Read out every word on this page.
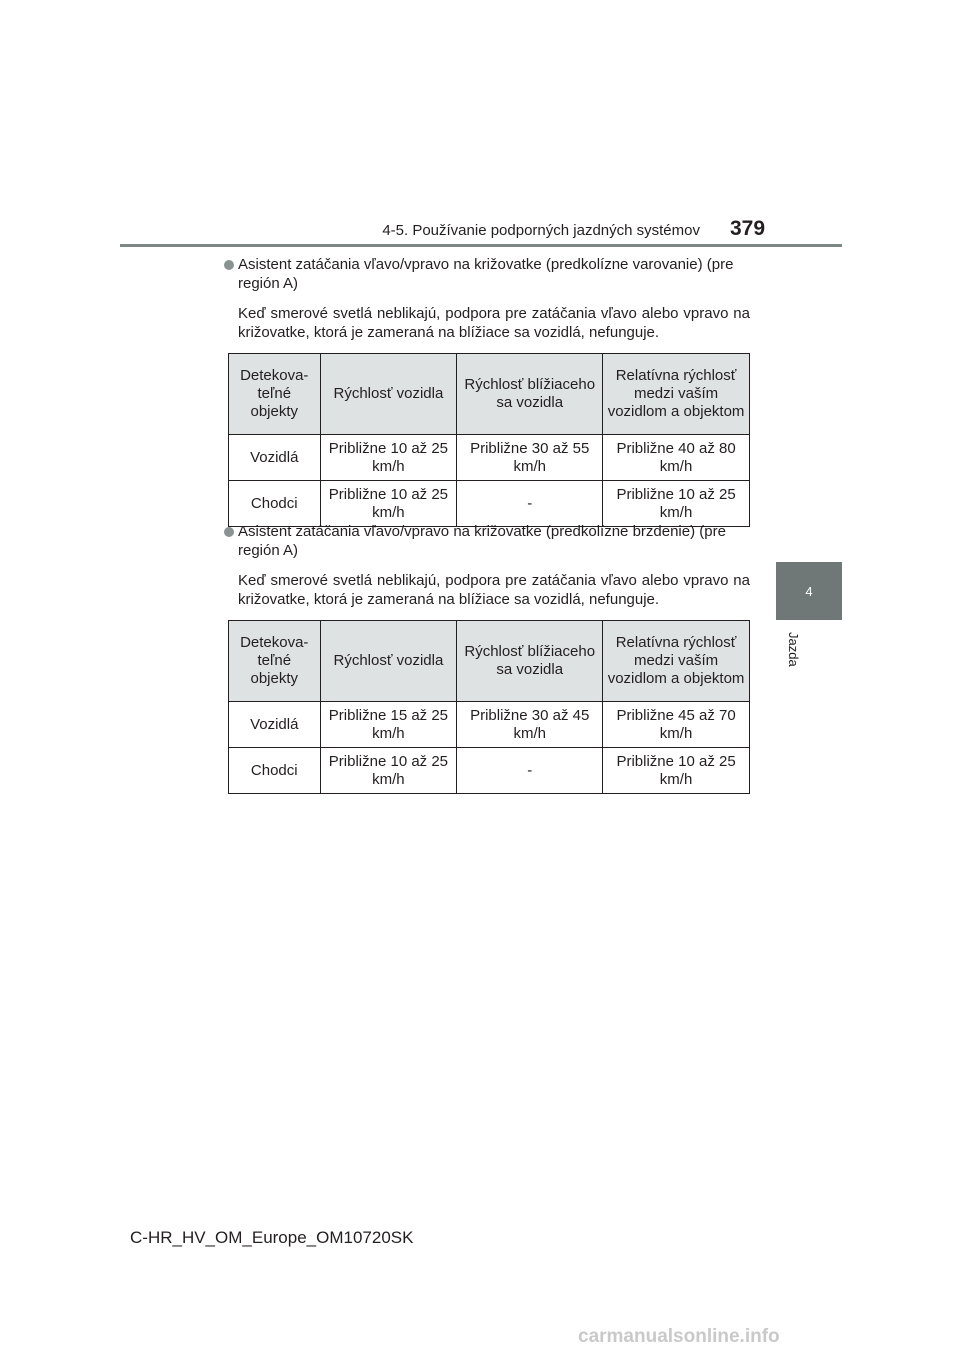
4-5. Používanie podporných jazdných systémov 379
4
Jazda
Asistent zatáčania vľavo/vpravo na križovatke (predkolízne varovanie) (pre región A)
Keď smerové svetlá neblikajú, podpora pre zatáčania vľavo alebo vpravo na križovatke, ktorá je zameraná na blížiace sa vozidlá, nefunguje.
Detekova-teľné objekty	Rýchlosť vozidla	Rýchlosť blížiaceho sa vozidla	Relatívna rýchlosť medzi vaším vozidlom a objektom
Vozidlá	Približne 10 až 25 km/h	Približne 30 až 55 km/h	Približne 40 až 80 km/h
Chodci	Približne 10 až 25 km/h	-	Približne 10 až 25 km/h
Asistent zatáčania vľavo/vpravo na križovatke (predkolízne brzdenie) (pre región A)
Keď smerové svetlá neblikajú, podpora pre zatáčania vľavo alebo vpravo na križovatke, ktorá je zameraná na blížiace sa vozidlá, nefunguje.
Detekova-teľné objekty	Rýchlosť vozidla	Rýchlosť blížiaceho sa vozidla	Relatívna rýchlosť medzi vaším vozidlom a objektom
Vozidlá	Približne 15 až 25 km/h	Približne 30 až 45 km/h	Približne 45 až 70 km/h
Chodci	Približne 10 až 25 km/h	-	Približne 10 až 25 km/h
C-HR_HV_OM_Europe_OM10720SK
carmanualsonline.info
